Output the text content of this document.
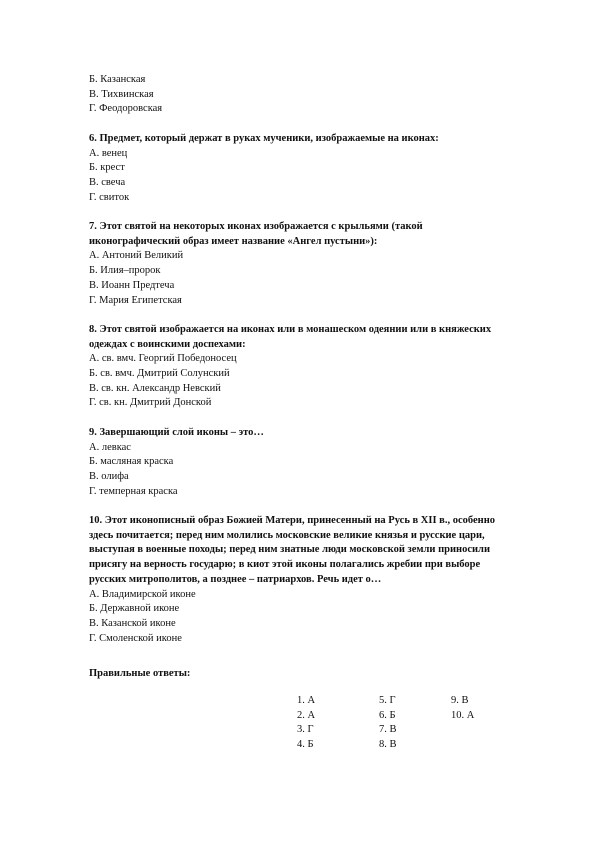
Б. Казанская
В. Тихвинская
Г. Феодоровская
6. Предмет, который держат в руках мученики, изображаемые на иконах:
А. венец
Б. крест
В. свеча
Г. свиток
7. Этот святой на некоторых иконах изображается с крыльями (такой иконографический образ имеет название «Ангел пустыни»):
А. Антоний Великий
Б. Илия–пророк
В. Иоанн Предтеча
Г. Мария Египетская
8. Этот святой изображается на иконах или в монашеском одеянии или в княжеских одеждах с воинскими доспехами:
А. св. вмч. Георгий Победоносец
Б. св. вмч. Дмитрий Солунский
В. св. кн. Александр Невский
Г. св. кн. Дмитрий Донской
9. Завершающий слой иконы – это…
А. левкас
Б. масляная краска
В. олифа
Г. темперная краска
10. Этот иконописный образ Божией Матери, принесенный на Русь в XII в., особенно здесь почитается; перед ним молились московские великие князья и русские цари, выступая в военные походы; перед ним знатные люди московской земли приносили присягу на верность государю; в киот этой иконы полагались жребии при выборе русских митрополитов, а позднее – патриархов. Речь идет о…
А. Владимирской иконе
Б. Державной иконе
В. Казанской иконе
Г. Смоленской иконе
Правильные ответы:
1. А	5. Г	9. В
2. А	6. Б	10. А
3. Г	7. В
4. Б	8. В
